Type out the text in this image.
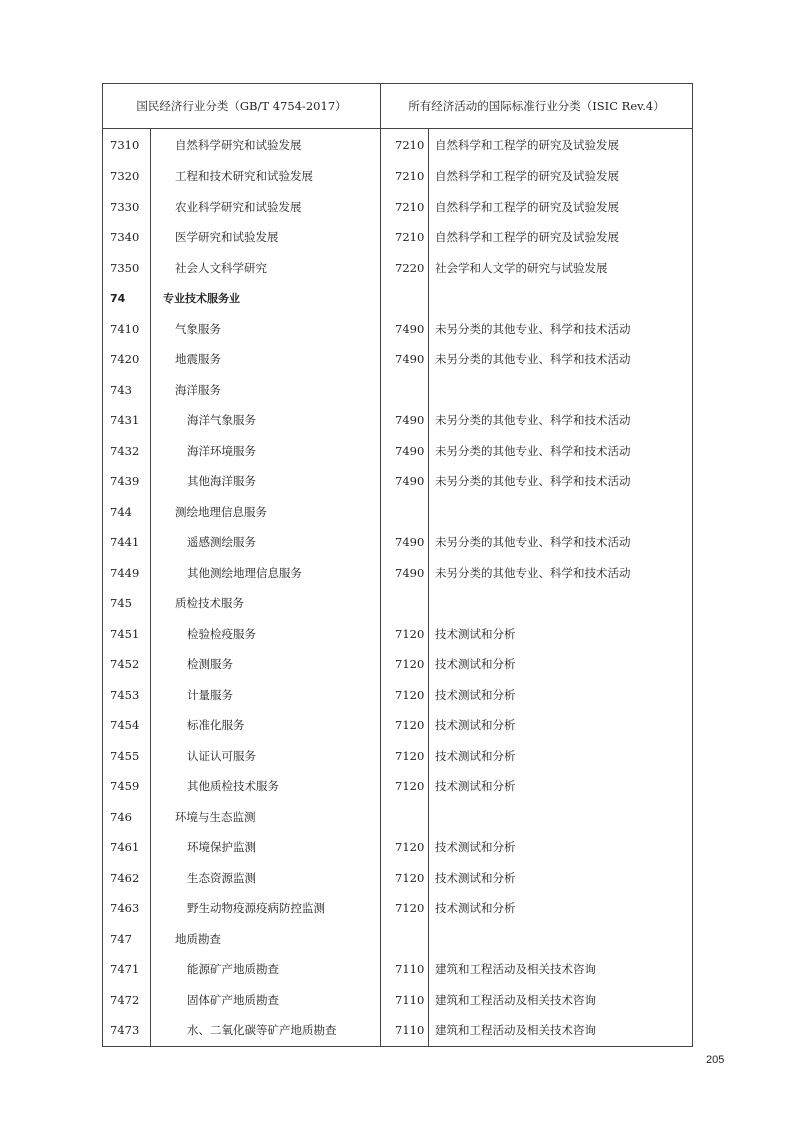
国民经济行业分类（GB/T 4754-2017）		所有经济活动的国际标准行业分类（ISIC Rev.4）	
7310	自然科学研究和试验发展	7210	自然科学和工程学的研究及试验发展
7320	工程和技术研究和试验发展	7210	自然科学和工程学的研究及试验发展
7330	农业科学研究和试验发展	7210	自然科学和工程学的研究及试验发展
7340	医学研究和试验发展	7210	自然科学和工程学的研究及试验发展
7350	社会人文科学研究	7220	社会学和人文学的研究与试验发展
74	专业技术服务业		
7410	气象服务	7490	未另分类的其他专业、科学和技术活动
7420	地震服务	7490	未另分类的其他专业、科学和技术活动
743	海洋服务		
7431	海洋气象服务	7490	未另分类的其他专业、科学和技术活动
7432	海洋环境服务	7490	未另分类的其他专业、科学和技术活动
7439	其他海洋服务	7490	未另分类的其他专业、科学和技术活动
744	测绘地理信息服务		
7441	遥感测绘服务	7490	未另分类的其他专业、科学和技术活动
7449	其他测绘地理信息服务	7490	未另分类的其他专业、科学和技术活动
745	质检技术服务		
7451	检验检疫服务	7120	技术测试和分析
7452	检测服务	7120	技术测试和分析
7453	计量服务	7120	技术测试和分析
7454	标准化服务	7120	技术测试和分析
7455	认证认可服务	7120	技术测试和分析
7459	其他质检技术服务	7120	技术测试和分析
746	环境与生态监测		
7461	环境保护监测	7120	技术测试和分析
7462	生态资源监测	7120	技术测试和分析
7463	野生动物疫源疫病防控监测	7120	技术测试和分析
747	地质勘查		
7471	能源矿产地质勘查	7110	建筑和工程活动及相关技术咨询
7472	固体矿产地质勘查	7110	建筑和工程活动及相关技术咨询
7473	水、二氧化碳等矿产地质勘查	7110	建筑和工程活动及相关技术咨询
205
